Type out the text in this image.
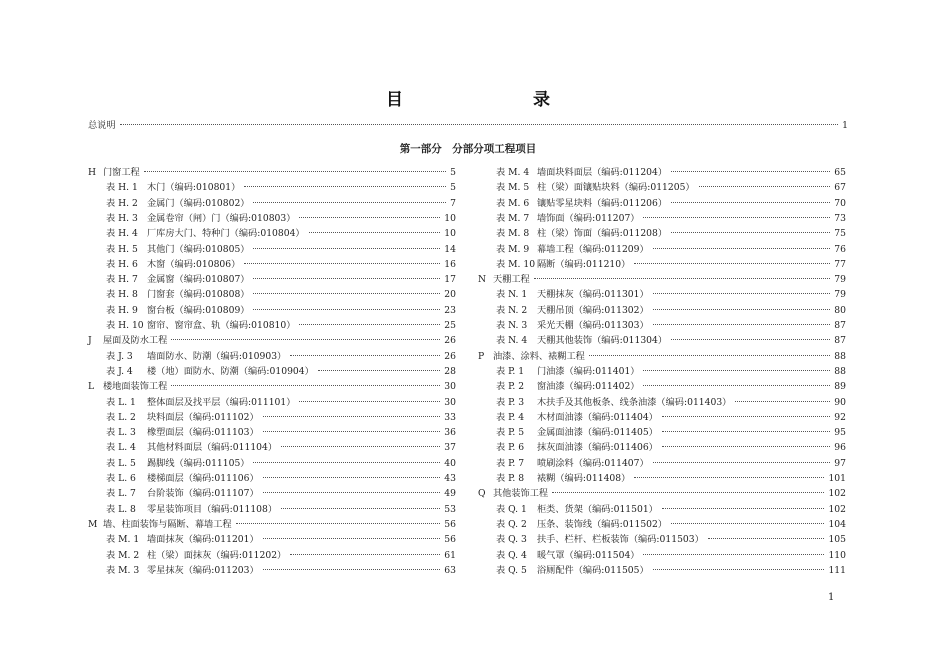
目 录
总说明	1
第一部分　分部分项工程项目
H 门窗工程	5
表 H. 1 木门（编码:010801）	5
表 H. 2 金属门（编码:010802）	7
表 H. 3 金属卷帘（闸）门（编码:010803）	10
表 H. 4 厂库房大门、特种门（编码:010804）	10
表 H. 5 其他门（编码:010805）	14
表 H. 6 木窗（编码:010806）	16
表 H. 7 金属窗（编码:010807）	17
表 H. 8 门窗套（编码:010808）	20
表 H. 9 窗台板（编码:010809）	23
表 H. 10 窗帘、窗帘盒、轨（编码:010810）	25
J	屋面及防水工程	26
表 J. 3	墙面防水、防潮（编码:010903）	26
表 J. 4	楼（地）面防水、防潮（编码:010904）	28
L 楼地面装饰工程	30
表 L. 1	整体面层及找平层（编码:011101）	30
表 L. 2	块料面层（编码:011102）	33
表 L. 3	橡塑面层（编码:011103）	36
表 L. 4	其他材料面层（编码:011104）	37
表 L. 5	踢脚线（编码:011105）	40
表 L. 6	楼梯面层（编码:011106）	43
表 L. 7	台阶装饰（编码:011107）	49
表 L. 8	零星装饰项目（编码:011108）	53
M 墙、柱面装饰与隔断、幕墙工程	56
表 M. 1 墙面抹灰（编码:011201）	56
表 M. 2 柱（梁）面抹灰（编码:011202）	61
表 M. 3 零星抹灰（编码:011203）	63
表 M. 4 墙面块料面层（编码:011204）	65
表 M. 5 柱（梁）面镶贴块料（编码:011205）	67
表 M. 6 镶贴零星块料（编码:011206）	70
表 M. 7 墙饰面（编码:011207）	73
表 M. 8 柱（梁）饰面（编码:011208）	75
表 M. 9 幕墙工程（编码:011209）	76
表 M. 10 隔断（编码:011210）	77
N 天棚工程	79
表 N. 1	天棚抹灰（编码:011301）	79
表 N. 2	天棚吊顶（编码:011302）	80
表 N. 3	采光天棚（编码:011303）	87
表 N. 4	天棚其他装饰（编码:011304）	87
P 油漆、涂料、裱糊工程	88
表 P. 1	门油漆（编码:011401）	88
表 P. 2	窗油漆（编码:011402）	89
表 P. 3	木扶手及其他板条、线条油漆（编码:011403）	90
表 P. 4	木材面油漆（编码:011404）	92
表 P. 5	金属面油漆（编码:011405）	95
表 P. 6	抹灰面油漆（编码:011406）	96
表 P. 7	喷刷涂料（编码:011407）	97
表 P. 8	裱糊（编码:011408）	101
Q 其他装饰工程	102
表 Q. 1	柜类、货架（编码:011501）	102
表 Q. 2	压条、装饰线（编码:011502）	104
表 Q. 3	扶手、栏杆、栏板装饰（编码:011503）	105
表 Q. 4	暖气罩（编码:011504）	110
表 Q. 5	浴厕配件（编码:011505）	111
1
